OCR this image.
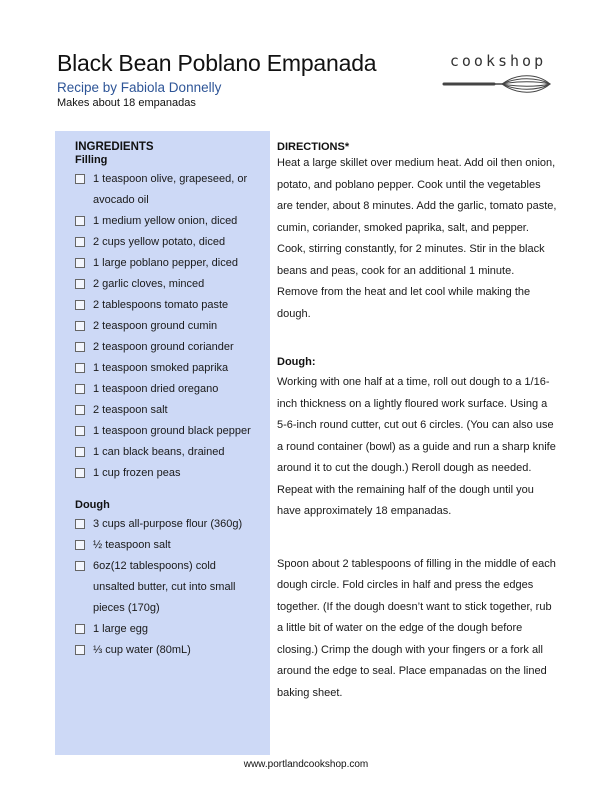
Black Bean Poblano Empanada
Recipe by Fabiola Donnelly
Makes about 18 empanadas
cookshop
INGREDIENTS
Filling
1 teaspoon olive, grapeseed, or avocado oil
1 medium yellow onion, diced
2 cups yellow potato, diced
1 large poblano pepper, diced
2 garlic cloves, minced
2 tablespoons tomato paste
2 teaspoon ground cumin
2 teaspoon ground coriander
1 teaspoon smoked paprika
1 teaspoon dried oregano
2 teaspoon salt
1 teaspoon ground black pepper
1 can black beans, drained
1 cup frozen peas
Dough
3 cups all-purpose flour (360g)
½ teaspoon salt
6oz(12 tablespoons) cold unsalted butter, cut into small pieces (170g)
1 large egg
⅓ cup water (80mL)
DIRECTIONS*

Heat a large skillet over medium heat. Add oil then onion, potato, and poblano pepper. Cook until the vegetables are tender, about 8 minutes. Add the garlic, tomato paste, cumin, coriander, smoked paprika, salt, and pepper. Cook, stirring constantly, for 2 minutes. Stir in the black beans and peas, cook for an additional 1 minute. Remove from the heat and let cool while making the dough.

Dough:

Working with one half at a time, roll out dough to a 1/16-inch thickness on a lightly floured work surface. Using a 5-6-inch round cutter, cut out 6 circles. (You can also use a round container (bowl) as a guide and run a sharp knife around it to cut the dough.) Reroll dough as needed. Repeat with the remaining half of the dough until you have approximately 18 empanadas.

Spoon about 2 tablespoons of filling in the middle of each dough circle. Fold circles in half and press the edges together. (If the dough doesn’t want to stick together, rub a little bit of water on the edge of the dough before closing.) Crimp the dough with your fingers or a fork all around the edge to seal. Place empanadas on the lined baking sheet.

www.portlandcookshop.com
